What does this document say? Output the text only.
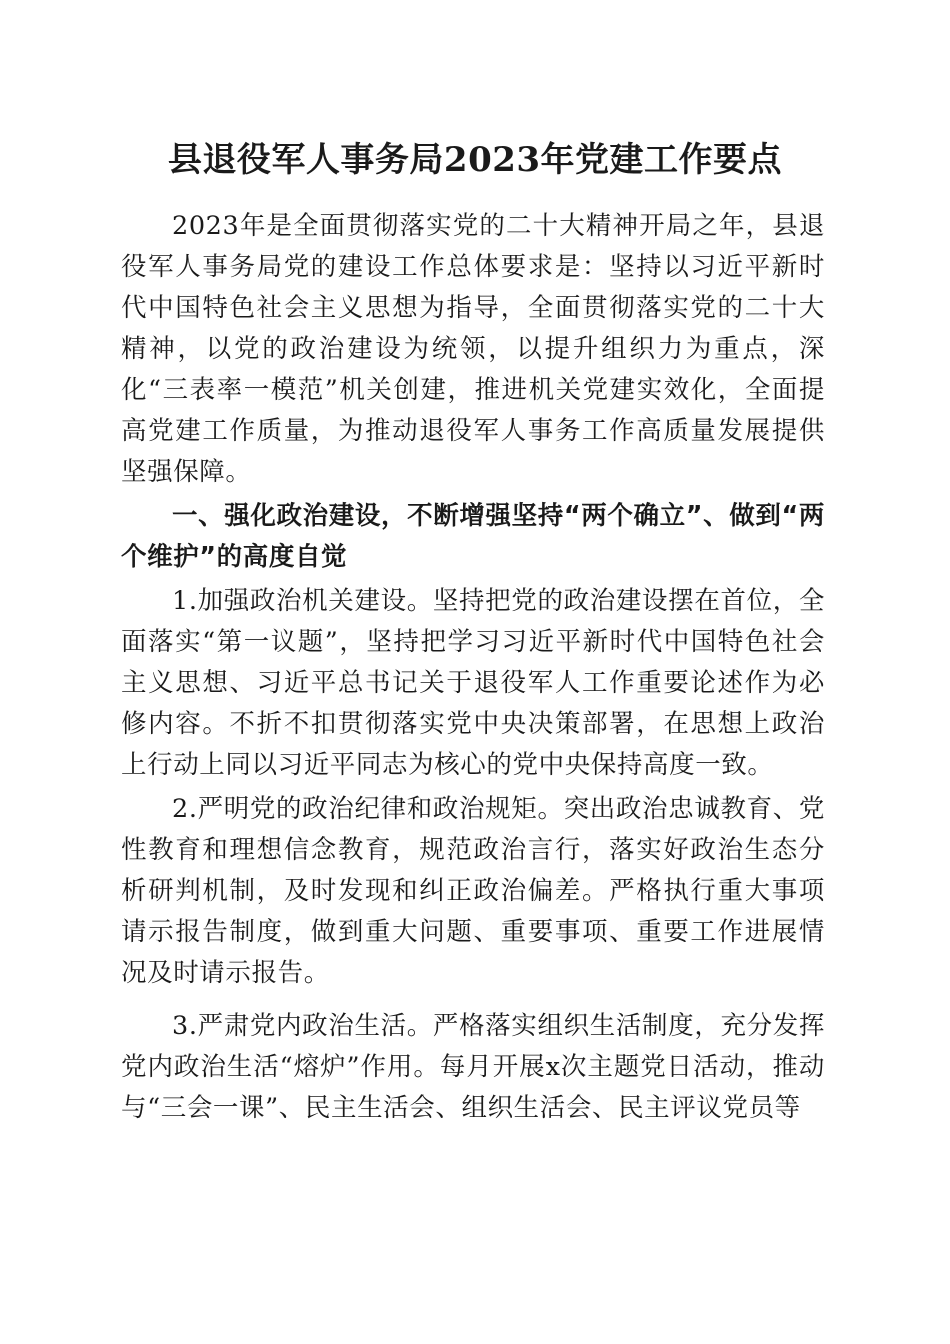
县退役军人事务局2023年党建工作要点

2023年是全面贯彻落实党的二十大精神开局之年，县退役军人事务局党的建设工作总体要求是：坚持以习近平新时代中国特色社会主义思想为指导，全面贯彻落实党的二十大精神，以党的政治建设为统领，以提升组织力为重点，深化“三表率一模范”机关创建，推进机关党建实效化，全面提高党建工作质量，为推动退役军人事务工作高质量发展提供坚强保障。

一、强化政治建设，不断增强坚持“两个确立”、做到“两个维护”的高度自觉

1.加强政治机关建设。坚持把党的政治建设摆在首位，全面落实“第一议题”，坚持把学习习近平新时代中国特色社会主义思想、习近平总书记关于退役军人工作重要论述作为必修内容。不折不扣贯彻落实党中央决策部署，在思想上政治上行动上同以习近平同志为核心的党中央保持高度一致。

2.严明党的政治纪律和政治规矩。突出政治忠诚教育、党性教育和理想信念教育，规范政治言行，落实好政治生态分析研判机制，及时发现和纠正政治偏差。严格执行重大事项请示报告制度，做到重大问题、重要事项、重要工作进展情况及时请示报告。

3.严肃党内政治生活。严格落实组织生活制度，充分发挥党内政治生活“熔炉”作用。每月开展x次主题党日活动，推动与“三会一课”、民主生活会、组织生活会、民主评议党员等
